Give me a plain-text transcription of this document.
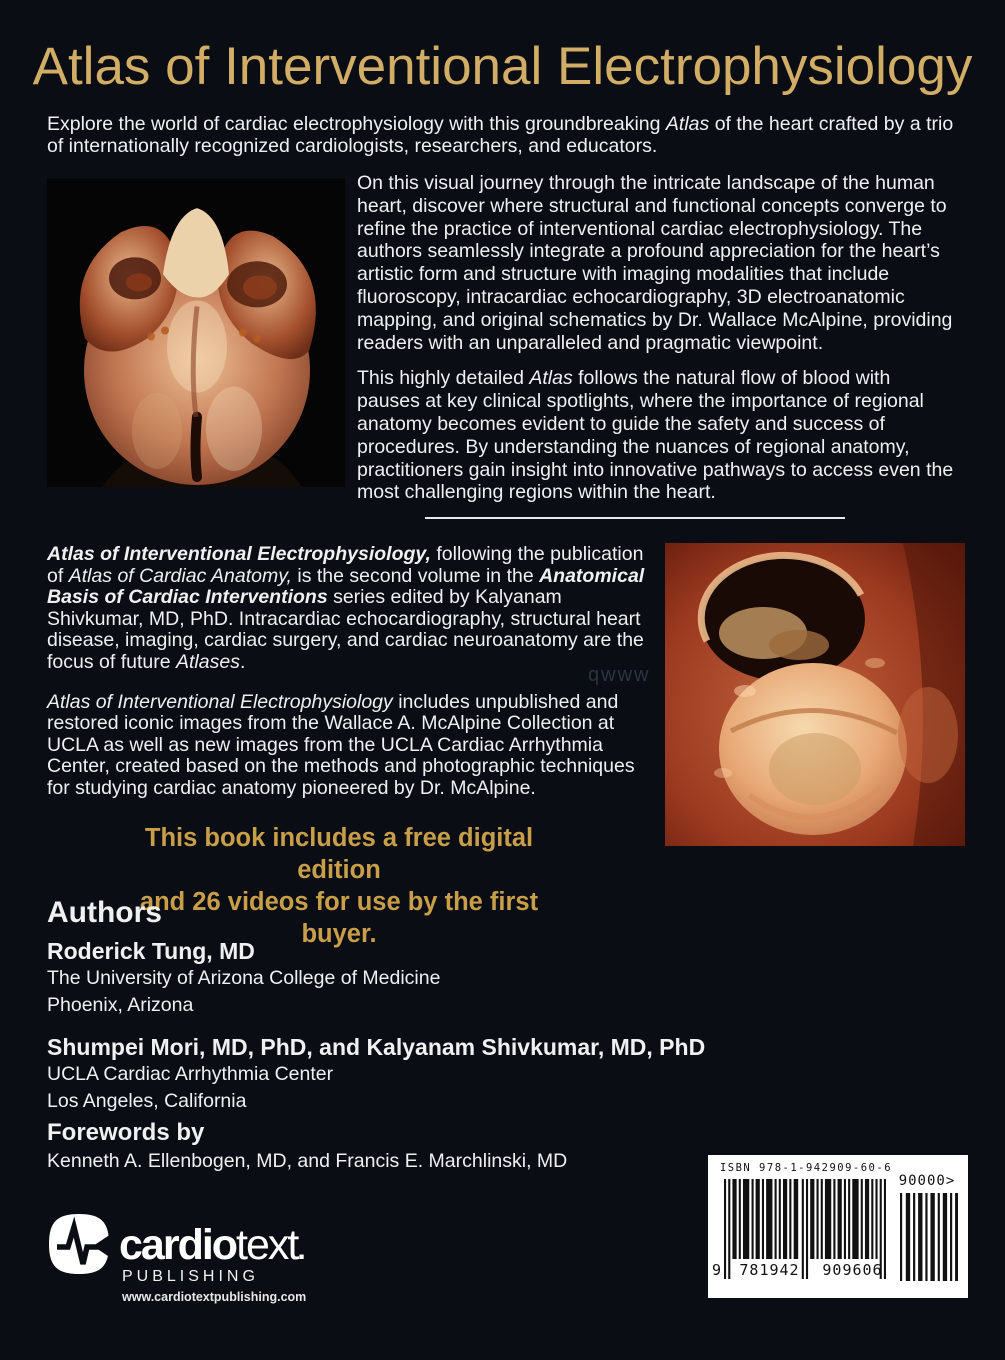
Atlas of Interventional Electrophysiology

Explore the world of cardiac electrophysiology with this groundbreaking Atlas of the heart crafted by a trio of internationally recognized cardiologists, researchers, and educators.

On this visual journey through the intricate landscape of the human heart, discover where structural and functional concepts converge to refine the practice of interventional cardiac electrophysiology. The authors seamlessly integrate a profound appreciation for the heart’s artistic form and structure with imaging modalities that include fluoroscopy, intracardiac echocardiography, 3D electroanatomic mapping, and original schematics by Dr. Wallace McAlpine, providing readers with an unparalleled and pragmatic viewpoint.

This highly detailed Atlas follows the natural flow of blood with pauses at key clinical spotlights, where the importance of regional anatomy becomes evident to guide the safety and success of procedures. By understanding the nuances of regional anatomy, practitioners gain insight into innovative pathways to access even the most challenging regions within the heart.

Atlas of Interventional Electrophysiology, following the publication of Atlas of Cardiac Anatomy, is the second volume in the Anatomical Basis of Cardiac Interventions series edited by Kalyanam Shivkumar, MD, PhD. Intracardiac echocardiography, structural heart disease, imaging, cardiac surgery, and cardiac neuroanatomy are the focus of future Atlases.

Atlas of Interventional Electrophysiology includes unpublished and restored iconic images from the Wallace A. McAlpine Collection at UCLA as well as new images from the UCLA Cardiac Arrhythmia Center, created based on the methods and photographic techniques for studying cardiac anatomy pioneered by Dr. McAlpine.

qwww
This book includes a free digital edition
and 26 videos for use by the first buyer.
Authors
Roderick Tung, MD
The University of Arizona College of Medicine
Phoenix, Arizona
Shumpei Mori, MD, PhD, and Kalyanam Shivkumar, MD, PhD
UCLA Cardiac Arrhythmia Center
Los Angeles, California
Forewords by
Kenneth A. Ellenbogen, MD, and Francis E. Marchlinski, MD
cardiotext.
PUBLISHING
www.cardiotextpublishing.com
ISBN 978-1-942909-60-6
9	781942	909606
90000>
